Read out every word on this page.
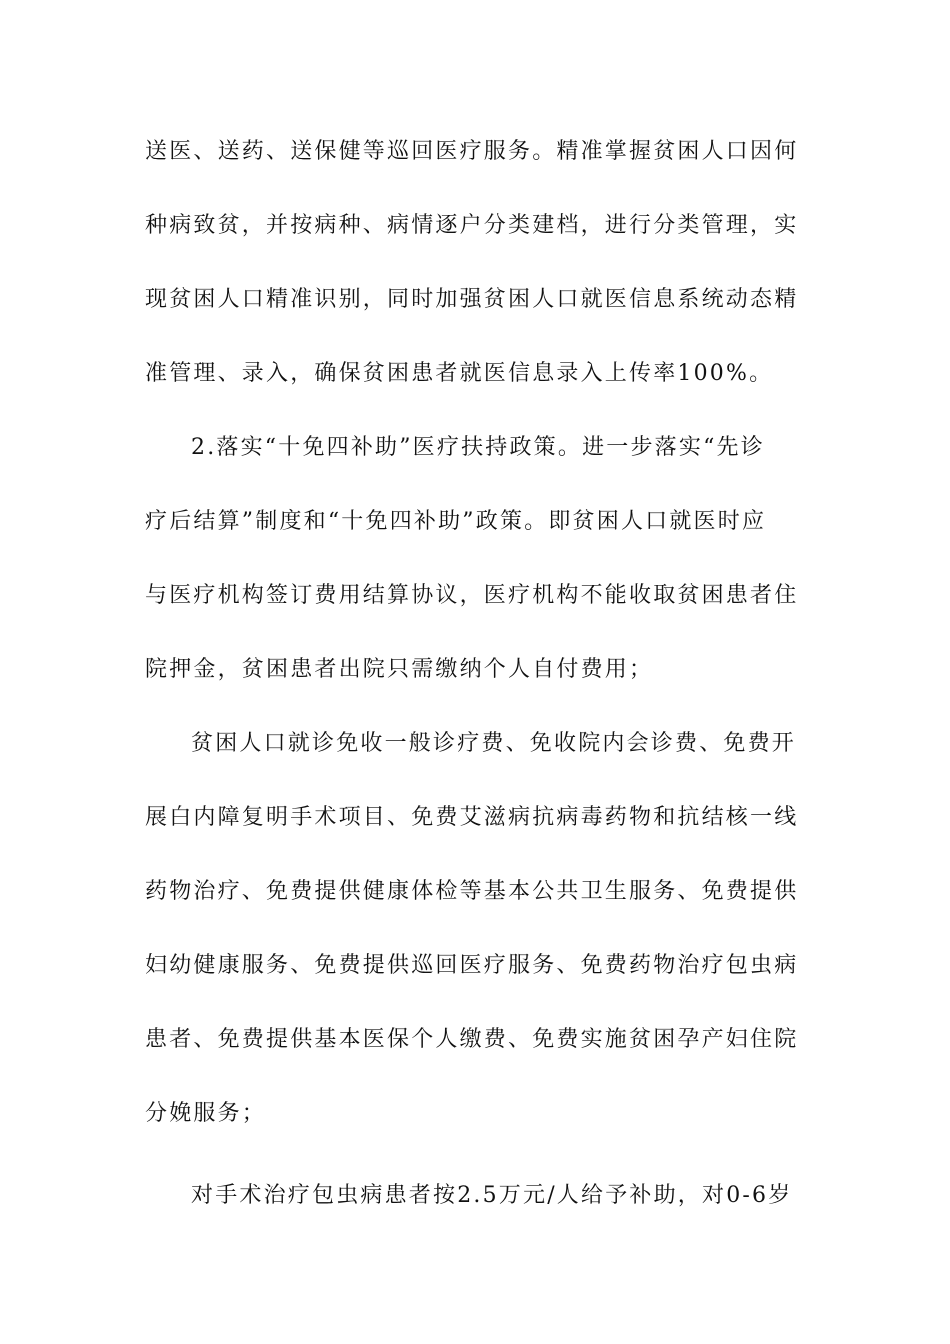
送医、送药、送保健等巡回医疗服务。精准掌握贫困人口因何
种病致贫，并按病种、病情逐户分类建档，进行分类管理，实
现贫困人口精准识别，同时加强贫困人口就医信息系统动态精
准管理、录入，确保贫困患者就医信息录入上传率100%。
2.落实“十免四补助”医疗扶持政策。进一步落实“先诊
疗后结算”制度和“十免四补助”政策。即贫困人口就医时应
与医疗机构签订费用结算协议，医疗机构不能收取贫困患者住
院押金，贫困患者出院只需缴纳个人自付费用；
贫困人口就诊免收一般诊疗费、免收院内会诊费、免费开
展白内障复明手术项目、免费艾滋病抗病毒药物和抗结核一线
药物治疗、免费提供健康体检等基本公共卫生服务、免费提供
妇幼健康服务、免费提供巡回医疗服务、免费药物治疗包虫病
患者、免费提供基本医保个人缴费、免费实施贫困孕产妇住院
分娩服务；
对手术治疗包虫病患者按2.5万元/人给予补助，对0-6岁
